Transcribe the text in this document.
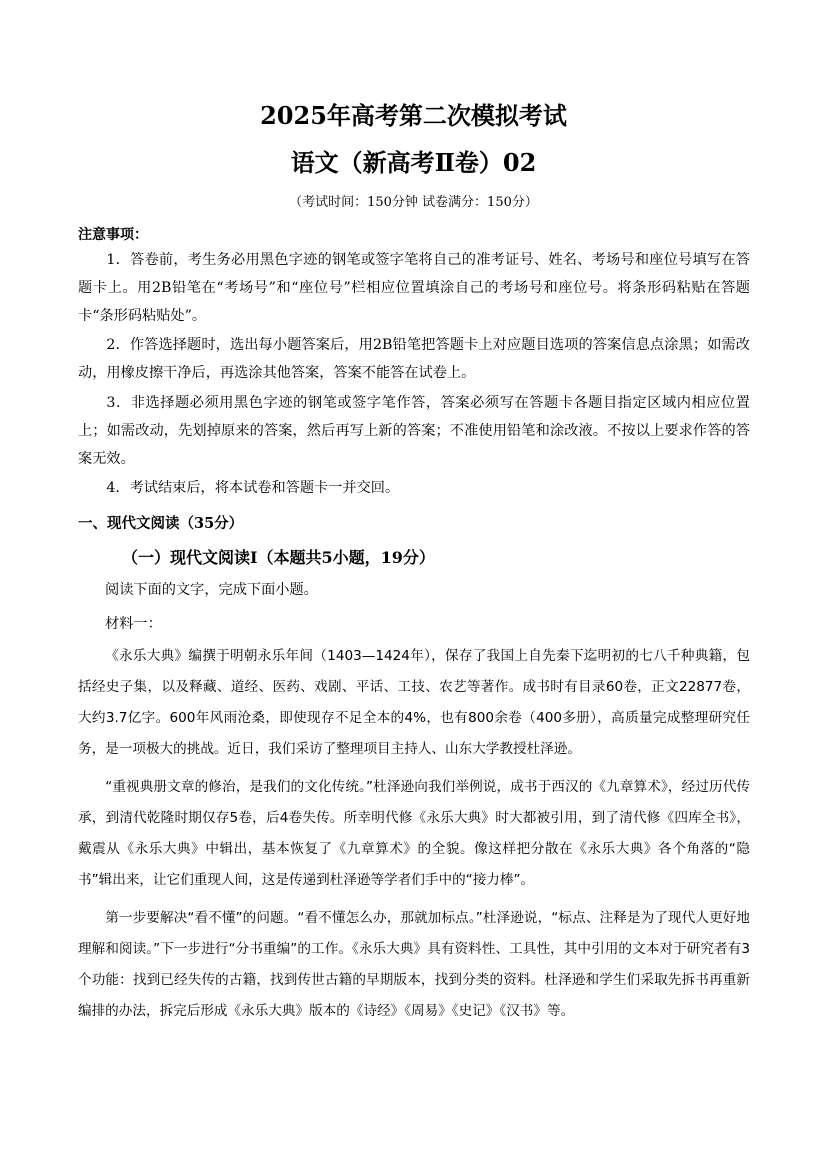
2025年高考第二次模拟考试
语文（新高考Ⅱ卷）02
（考试时间：150分钟 试卷满分：150分）
注意事项：

1．答卷前，考生务必用黑色字迹的钢笔或签字笔将自己的准考证号、姓名、考场号和座位号填写在答题卡上。用2B铅笔在“考场号”和“座位号”栏相应位置填涂自己的考场号和座位号。将条形码粘贴在答题卡“条形码粘贴处”。

2．作答选择题时，选出每小题答案后，用2B铅笔把答题卡上对应题目选项的答案信息点涂黑；如需改动，用橡皮擦干净后，再选涂其他答案，答案不能答在试卷上。

3．非选择题必须用黑色字迹的钢笔或签字笔作答，答案必须写在答题卡各题目指定区域内相应位置上；如需改动，先划掉原来的答案，然后再写上新的答案；不准使用铅笔和涂改液。不按以上要求作答的答案无效。

4．考试结束后，将本试卷和答题卡一并交回。

一、现代文阅读（35分）
（一）现代文阅读Ⅰ（本题共5小题，19分）
阅读下面的文字，完成下面小题。
材料一：

《永乐大典》编撰于明朝永乐年间（1403—1424年），保存了我国上自先秦下迄明初的七八千种典籍，包括经史子集，以及释藏、道经、医药、戏剧、平话、工技、农艺等著作。成书时有目录60卷，正文22877卷，大约3.7亿字。600年风雨沧桑，即使现存不足全本的4%，也有800余卷（400多册），高质量完成整理研究任务，是一项极大的挑战。近日，我们采访了整理项目主持人、山东大学教授杜泽逊。

“重视典册文章的修治，是我们的文化传统。”杜泽逊向我们举例说，成书于西汉的《九章算术》，经过历代传承，到清代乾隆时期仅存5卷，后4卷失传。所幸明代修《永乐大典》时大都被引用，到了清代修《四库全书》，戴震从《永乐大典》中辑出，基本恢复了《九章算术》的全貌。像这样把分散在《永乐大典》各个角落的“隐书”辑出来，让它们重现人间，这是传递到杜泽逊等学者们手中的“接力棒”。

第一步要解决“看不懂”的问题。“看不懂怎么办，那就加标点。”杜泽逊说，“标点、注释是为了现代人更好地理解和阅读。”下一步进行“分书重编”的工作。《永乐大典》具有资料性、工具性，其中引用的文本对于研究者有3个功能：找到已经失传的古籍，找到传世古籍的早期版本，找到分类的资料。杜泽逊和学生们采取先拆书再重新编排的办法，拆完后形成《永乐大典》版本的《诗经》《周易》《史记》《汉书》等。
